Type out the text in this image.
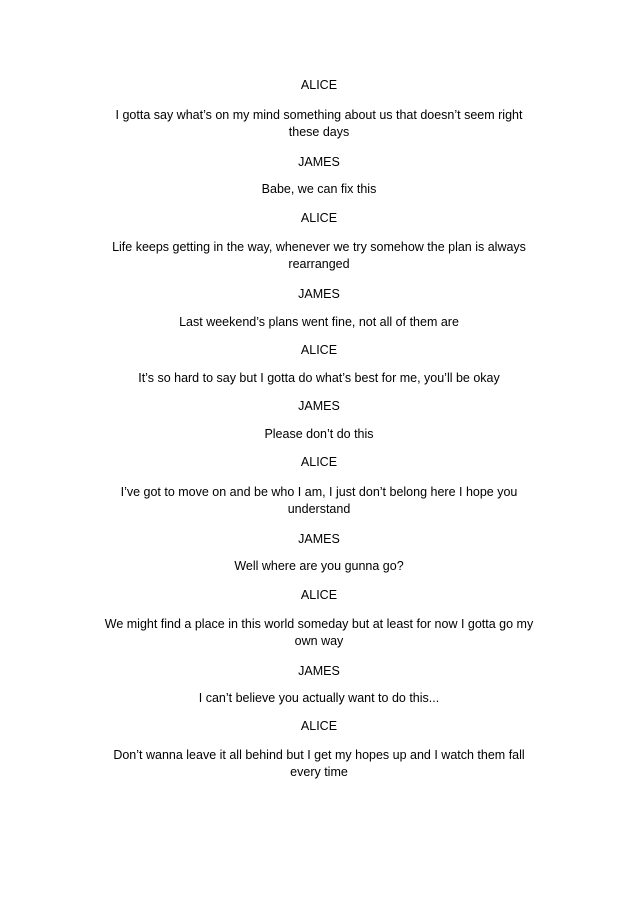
ALICE
I gotta say what’s on my mind something about us that doesn’t seem right
these days
JAMES
Babe, we can fix this
ALICE
Life keeps getting in the way, whenever we try somehow the plan is always
rearranged
JAMES
Last weekend’s plans went fine, not all of them are
ALICE
It’s so hard to say but I gotta do what’s best for me, you’ll be okay
JAMES
Please don’t do this
ALICE
I’ve got to move on and be who I am, I just don’t belong here I hope you
understand
JAMES
Well where are you gunna go?
ALICE
We might find a place in this world someday but at least for now I gotta go my
own way
JAMES
I can’t believe you actually want to do this...
ALICE
Don’t wanna leave it all behind but I get my hopes up and I watch them fall
every time
